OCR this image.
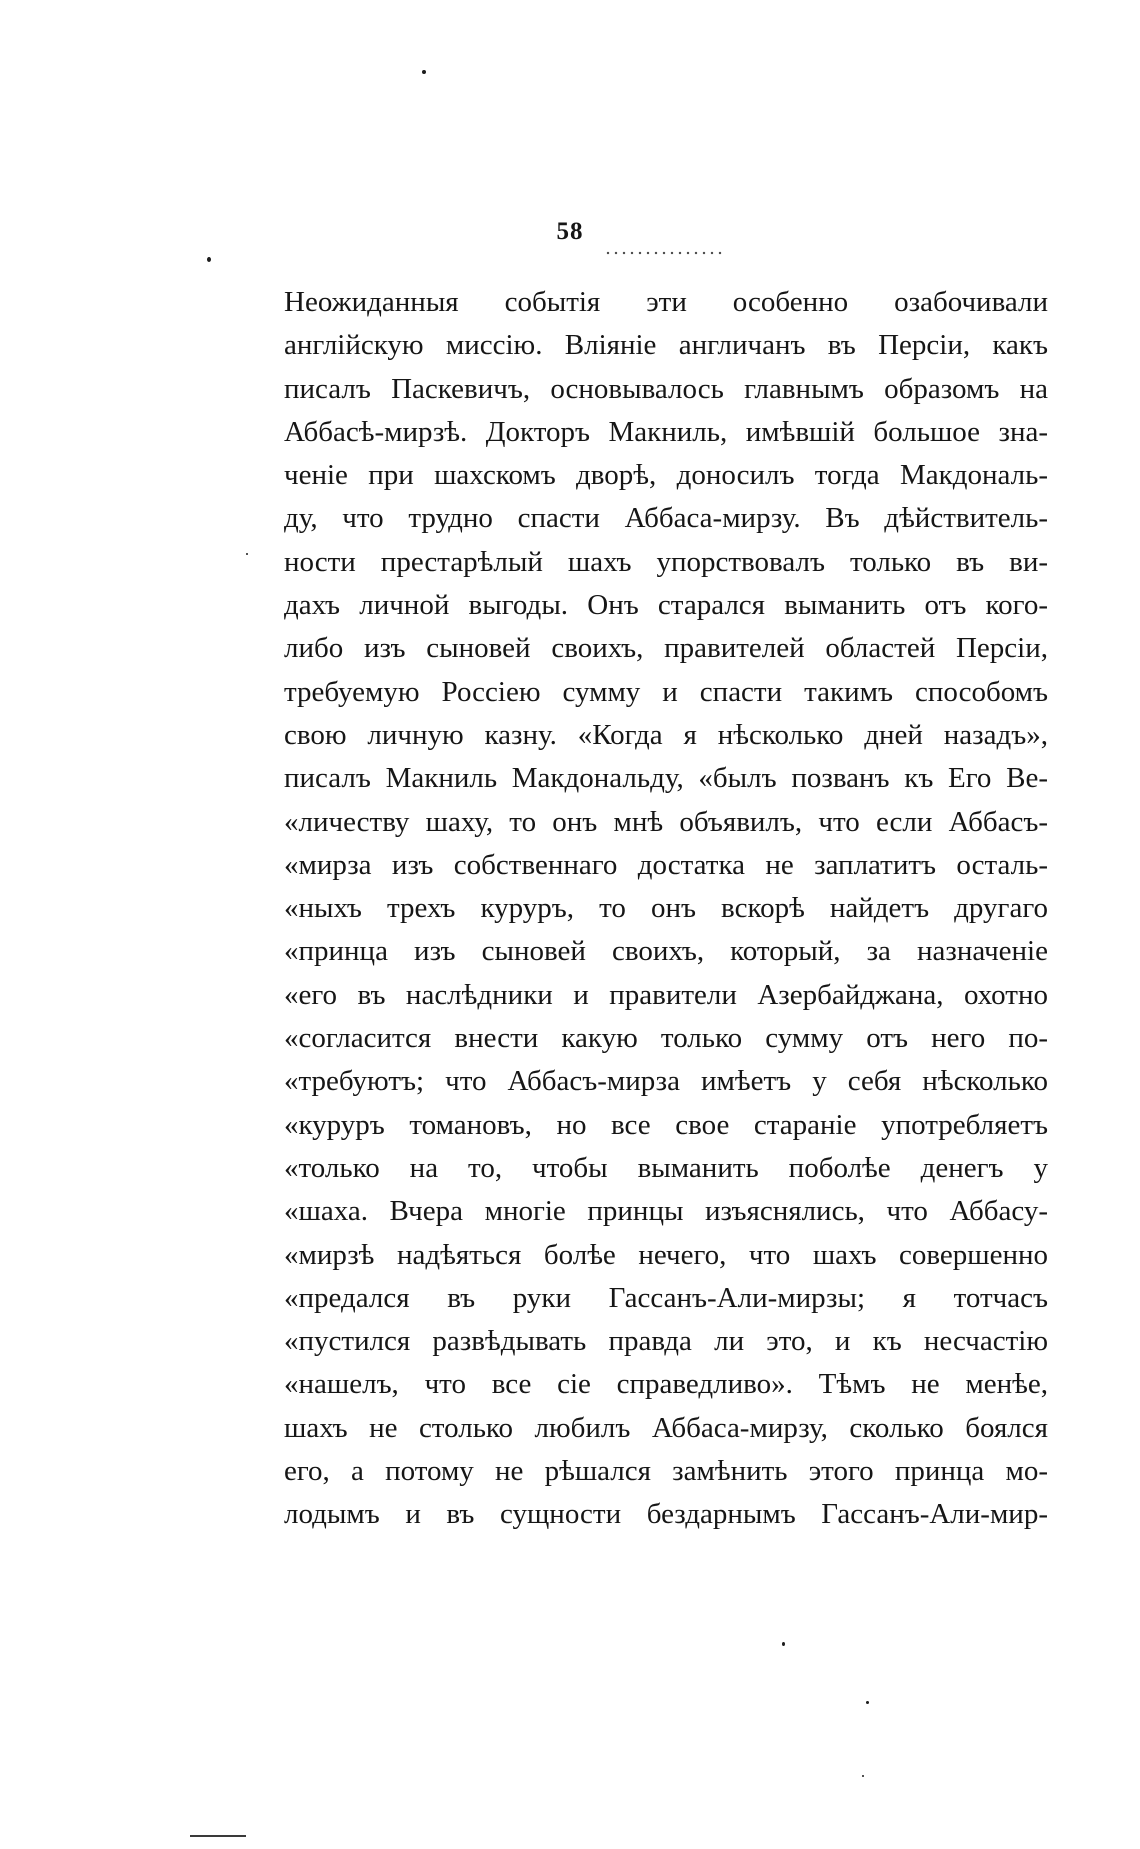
58
Неожиданныя событія эти особенно озабочивали
англійскую миссію. Вліяніе англичанъ въ Персіи, какъ
писалъ Паскевичъ, основывалось главнымъ образомъ на
Аббасѣ-мирзѣ. Докторъ Макниль, имѣвшій большое зна-
ченіе при шахскомъ дворѣ, доносилъ тогда Макдональ-
ду, что трудно спасти Аббаса-мирзу. Въ дѣйствитель-
ности престарѣлый шахъ упорствовалъ только въ ви-
дахъ личной выгоды. Онъ старался выманить отъ кого-
либо изъ сыновей своихъ, правителей областей Персіи,
требуемую Россіею сумму и спасти такимъ способомъ
свою личную казну. «Когда я нѣсколько дней назадъ»,
писалъ Макниль Макдональду, «былъ позванъ къ Его Ве-
«личеству шаху, то онъ мнѣ объявилъ, что если Аббасъ-
«мирза изъ собственнаго достатка не заплатитъ осталь-
«ныхъ трехъ куруръ, то онъ вскорѣ найдетъ другаго
«принца изъ сыновей своихъ, который, за назначеніе
«его въ наслѣдники и правители Азербайджана, охотно
«согласится внести какую только сумму отъ него по-
«требуютъ; что Аббасъ-мирза имѣетъ у себя нѣсколько
«куруръ томановъ, но все свое стараніе употребляетъ
«только на то, чтобы выманить поболѣе денегъ у
«шаха. Вчера многіе принцы изъяснялись, что Аббасу-
«мирзѣ надѣяться болѣе нечего, что шахъ совершенно
«предался въ руки Гассанъ-Али-мирзы; я тотчасъ
«пустился развѣдывать правда ли это, и къ несчастію
«нашелъ, что все сіе справедливо». Тѣмъ не менѣе,
шахъ не столько любилъ Аббаса-мирзу, сколько боялся
его, а потому не рѣшался замѣнить этого принца мо-
лодымъ и въ сущности бездарнымъ Гассанъ-Али-мир-
